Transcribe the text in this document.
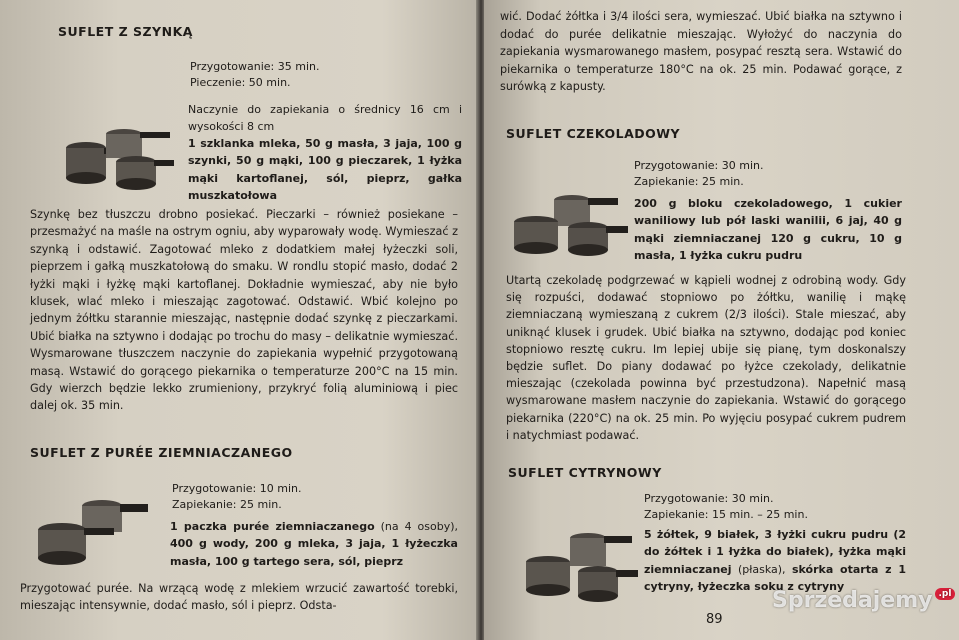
SUFLET Z SZYNKĄ
Przygotowanie: 35 min.
Pieczenie: 50 min.
Naczynie do zapiekania o średnicy 16 cm i wysokości 8 cm
1 szklanka mleka, 50 g masła, 3 jaja, 100 g szynki, 50 g mąki, 100 g pieczarek, 1 łyżka mąki kartoflanej, sól, pieprz, gałka muszkatołowa
Szynkę bez tłuszczu drobno posiekać. Pieczarki – również posiekane – przesmażyć na maśle na ostrym ogniu, aby wyparowały wodę. Wymieszać z szynką i odstawić. Zagotować mleko z dodatkiem małej łyżeczki soli, pieprzem i gałką muszkatołową do smaku. W rondlu stopić masło, dodać 2 łyżki mąki i łyżkę mąki kartoflanej. Dokładnie wymieszać, aby nie było klusek, wlać mleko i mieszając zagotować. Odstawić. Wbić kolejno po jednym żółtku starannie mieszając, następnie dodać szynkę z pieczarkami. Ubić białka na sztywno i dodając po trochu do masy – delikatnie wymieszać. Wysmarowane tłuszczem naczynie do zapiekania wypełnić przygotowaną masą. Wstawić do gorącego piekarnika o temperaturze 200°C na 15 min. Gdy wierzch będzie lekko zrumieniony, przykryć folią aluminiową i piec dalej ok. 35 min.
SUFLET Z PURÉE ZIEMNIACZANEGO
Przygotowanie: 10 min.
Zapiekanie: 25 min.
1 paczka purée ziemniaczanego (na 4 osoby), 400 g wody, 200 g mleka, 3 jaja, 1 łyżeczka masła, 100 g tartego sera, sól, pieprz
Przygotować purée. Na wrzącą wodę z mlekiem wrzucić zawartość torebki, mieszając intensywnie, dodać masło, sól i pieprz. Odsta-
wić. Dodać żółtka i 3/4 ilości sera, wymieszać. Ubić białka na sztywno i dodać do purée delikatnie mieszając. Wyłożyć do naczynia do zapiekania wysmarowanego masłem, posypać resztą sera. Wstawić do piekarnika o temperaturze 180°C na ok. 25 min. Podawać gorące, z surówką z kapusty.
SUFLET CZEKOLADOWY
Przygotowanie: 30 min.
Zapiekanie: 25 min.
200 g bloku czekoladowego, 1 cukier waniliowy lub pół laski wanilii, 6 jaj, 40 g mąki ziemniaczanej 120 g cukru, 10 g masła, 1 łyżka cukru pudru
Utartą czekoladę podgrzewać w kąpieli wodnej z odrobiną wody. Gdy się rozpuści, dodawać stopniowo po żółtku, wanilię i mąkę ziemniaczaną wymieszaną z cukrem (2/3 ilości). Stale mieszać, aby uniknąć klusek i grudek. Ubić białka na sztywno, dodając pod koniec stopniowo resztę cukru. Im lepiej ubije się pianę, tym doskonalszy będzie suflet. Do piany dodawać po łyżce czekolady, delikatnie mieszając (czekolada powinna być przestudzona). Napełnić masą wysmarowane masłem naczynie do zapiekania. Wstawić do gorącego piekarnika (220°C) na ok. 25 min. Po wyjęciu posypać cukrem pudrem i natychmiast podawać.
SUFLET CYTRYNOWY
Przygotowanie: 30 min.
Zapiekanie: 15 min. – 25 min.
5 żółtek, 9 białek, 3 łyżki cukru pudru (2 do żółtek i 1 łyżka do białek), łyżka mąki ziemniaczanej (płaska), skórka otarta z 1 cytryny, łyżeczka soku z cytryny
89
Sprzedajemy .pl
